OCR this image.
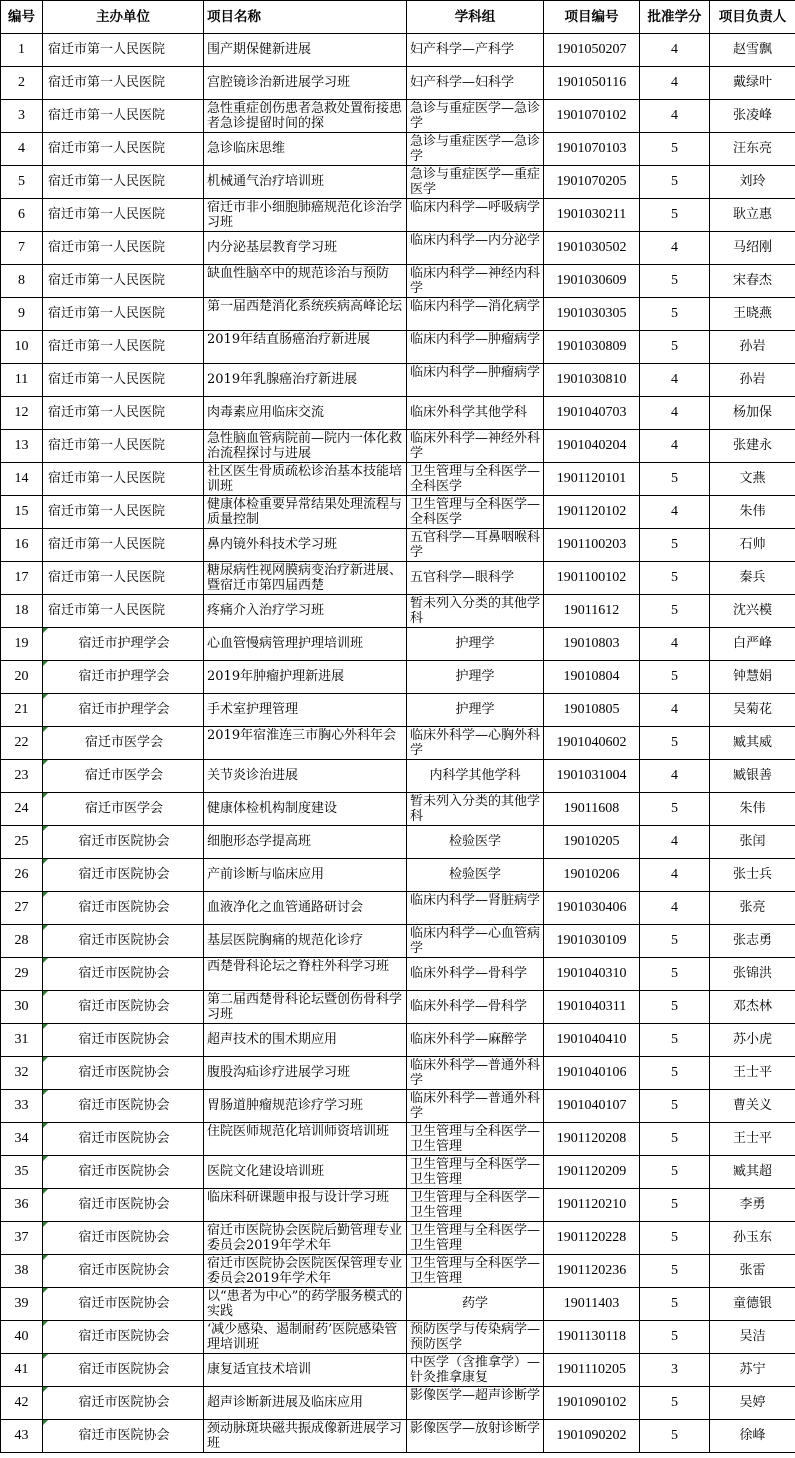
编号	主办单位	项目名称	学科组	项目编号	批准学分	项目负责人
1	宿迁市第一人民医院	围产期保健新进展	妇产科学—产科学	1901050207	4	赵雪飘
2	宿迁市第一人民医院	宫腔镜诊治新进展学习班	妇产科学—妇科学	1901050116	4	戴绿叶
3	宿迁市第一人民医院	急性重症创伤患者急救处置衔接患者急诊提留时间的探	急诊与重症医学—急诊学	1901070102	4	张凌峰
4	宿迁市第一人民医院	急诊临床思维	急诊与重症医学—急诊学	1901070103	5	汪东亮
5	宿迁市第一人民医院	机械通气治疗培训班	急诊与重症医学—重症医学	1901070205	5	刘玲
6	宿迁市第一人民医院	宿迁市非小细胞肺癌规范化诊治学习班	临床内科学—呼吸病学	1901030211	5	耿立惠
7	宿迁市第一人民医院	内分泌基层教育学习班	临床内科学—内分泌学	1901030502	4	马绍刚
8	宿迁市第一人民医院	缺血性脑卒中的规范诊治与预防	临床内科学—神经内科学	1901030609	5	宋春杰
9	宿迁市第一人民医院	第一届西楚消化系统疾病高峰论坛	临床内科学—消化病学	1901030305	5	王晓燕
10	宿迁市第一人民医院	2019年结直肠癌治疗新进展	临床内科学—肿瘤病学	1901030809	5	孙岩
11	宿迁市第一人民医院	2019年乳腺癌治疗新进展	临床内科学—肿瘤病学	1901030810	4	孙岩
12	宿迁市第一人民医院	肉毒素应用临床交流	临床外科学其他学科	1901040703	4	杨加保
13	宿迁市第一人民医院	急性脑血管病院前—院内一体化救治流程探讨与进展	临床外科学—神经外科学	1901040204	4	张建永
14	宿迁市第一人民医院	社区医生骨质疏松诊治基本技能培训班	卫生管理与全科医学—全科医学	1901120101	5	文燕
15	宿迁市第一人民医院	健康体检重要异常结果处理流程与质量控制	卫生管理与全科医学—全科医学	1901120102	4	朱伟
16	宿迁市第一人民医院	鼻内镜外科技术学习班	五官科学—耳鼻咽喉科学	1901100203	5	石帅
17	宿迁市第一人民医院	糖尿病性视网膜病变治疗新进展、暨宿迁市第四届西楚	五官科学—眼科学	1901100102	5	秦兵
18	宿迁市第一人民医院	疼痛介入治疗学习班	暂未列入分类的其他学科	19011612	5	沈兴模
19	宿迁市护理学会	心血管慢病管理护理培训班	护理学	19010803	4	白严峰
20	宿迁市护理学会	2019年肿瘤护理新进展	护理学	19010804	5	钟慧娟
21	宿迁市护理学会	手术室护理管理	护理学	19010805	4	吴菊花
22	宿迁市医学会	2019年宿淮连三市胸心外科年会	临床外科学—心胸外科学	1901040602	5	臧其威
23	宿迁市医学会	关节炎诊治进展	内科学其他学科	1901031004	4	臧银善
24	宿迁市医学会	健康体检机构制度建设	暂未列入分类的其他学科	19011608	5	朱伟
25	宿迁市医院协会	细胞形态学提高班	检验医学	19010205	4	张闰
26	宿迁市医院协会	产前诊断与临床应用	检验医学	19010206	4	张士兵
27	宿迁市医院协会	血液净化之血管通路研讨会	临床内科学—肾脏病学	1901030406	4	张亮
28	宿迁市医院协会	基层医院胸痛的规范化诊疗	临床内科学—心血管病学	1901030109	5	张志勇
29	宿迁市医院协会	西楚骨科论坛之脊柱外科学习班	临床外科学—骨科学	1901040310	5	张锦洪
30	宿迁市医院协会	第二届西楚骨科论坛暨创伤骨科学习班	临床外科学—骨科学	1901040311	5	邓杰林
31	宿迁市医院协会	超声技术的围术期应用	临床外科学—麻醉学	1901040410	5	苏小虎
32	宿迁市医院协会	腹股沟疝诊疗进展学习班	临床外科学—普通外科学	1901040106	5	王士平
33	宿迁市医院协会	胃肠道肿瘤规范诊疗学习班	临床外科学—普通外科学	1901040107	5	曹关义
34	宿迁市医院协会	住院医师规范化培训师资培训班	卫生管理与全科医学—卫生管理	1901120208	5	王士平
35	宿迁市医院协会	医院文化建设培训班	卫生管理与全科医学—卫生管理	1901120209	5	臧其超
36	宿迁市医院协会	临床科研课题申报与设计学习班	卫生管理与全科医学—卫生管理	1901120210	5	李勇
37	宿迁市医院协会	宿迁市医院协会医院后勤管理专业委员会2019年学术年	卫生管理与全科医学—卫生管理	1901120228	5	孙玉东
38	宿迁市医院协会	宿迁市医院协会医院医保管理专业委员会2019年学术年	卫生管理与全科医学—卫生管理	1901120236	5	张雷
39	宿迁市医院协会	以“患者为中心”的药学服务模式的实践	药学	19011403	5	童德银
40	宿迁市医院协会	‘减少感染、遏制耐药’医院感染管理培训班	预防医学与传染病学—预防医学	1901130118	5	吴洁
41	宿迁市医院协会	康复适宜技术培训	中医学（含推拿学）—针灸推拿康复	1901110205	3	苏宁
42	宿迁市医院协会	超声诊断新进展及临床应用	影像医学—超声诊断学	1901090102	5	吴婷
43	宿迁市医院协会	颈动脉斑块磁共振成像新进展学习班	影像医学—放射诊断学	1901090202	5	徐峰
